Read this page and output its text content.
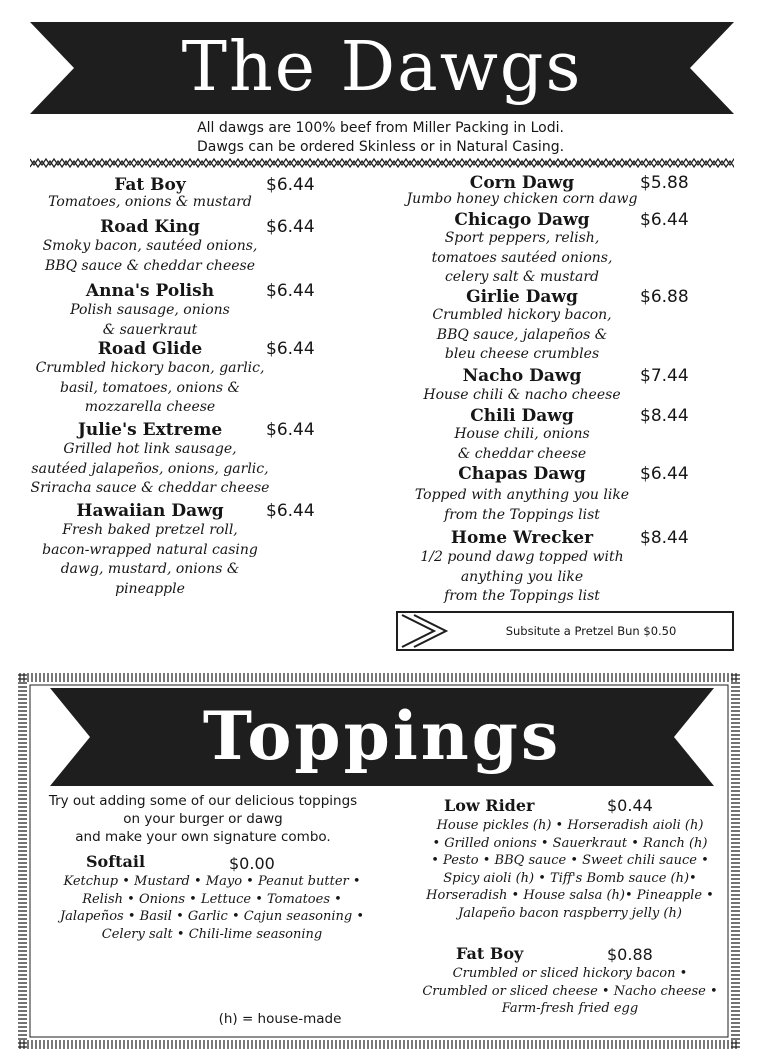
The Dawgs
All dawgs are 100% beef from Miller Packing in Lodi.
Dawgs can be ordered Skinless or in Natural Casing.
Fat Boy	$6.44
Tomatoes, onions & mustard
Road King	$6.44
Smoky bacon, sautéed onions,
BBQ sauce & cheddar cheese
Anna's Polish	$6.44
Polish sausage, onions
& sauerkraut
Road Glide	$6.44
Crumbled hickory bacon, garlic,
basil, tomatoes, onions &
mozzarella cheese
Julie's Extreme	$6.44
Grilled hot link sausage,
sautéed jalapeños, onions, garlic,
Sriracha sauce & cheddar cheese
Hawaiian Dawg	$6.44
Fresh baked pretzel roll,
bacon-wrapped natural casing
dawg, mustard, onions &
pineapple
Corn Dawg	$5.88
Jumbo honey chicken corn dawg
Chicago Dawg	$6.44
Sport peppers, relish,
tomatoes sautéed onions,
celery salt & mustard
Girlie Dawg	$6.88
Crumbled hickory bacon,
BBQ sauce, jalapeños &
bleu cheese crumbles
Nacho Dawg	$7.44
House chili & nacho cheese
Chili Dawg	$8.44
House chili, onions
& cheddar cheese
Chapas Dawg	$6.44
Topped with anything you like
from the Toppings list
Home Wrecker	$8.44
1/2 pound dawg topped with
anything you like
from the Toppings list
Subsitute a Pretzel Bun $0.50
Toppings
Try out adding some of our delicious toppings
on your burger or dawg
and make your own signature combo.
Softail	$0.00
Ketchup • Mustard • Mayo • Peanut butter •
Relish • Onions • Lettuce • Tomatoes •
Jalapeños • Basil • Garlic • Cajun seasoning •
Celery salt • Chili-lime seasoning
Low Rider	$0.44
House pickles (h) • Horseradish aioli (h)
• Grilled onions • Sauerkraut • Ranch (h)
• Pesto • BBQ sauce • Sweet chili sauce •
Spicy aioli (h) • Tiff's Bomb sauce (h)•
Horseradish • House salsa (h)• Pineapple •
Jalapeño bacon raspberry jelly (h)
Fat Boy	$0.88
Crumbled or sliced hickory bacon •
Crumbled or sliced cheese • Nacho cheese •
Farm-fresh fried egg
(h) = house-made
